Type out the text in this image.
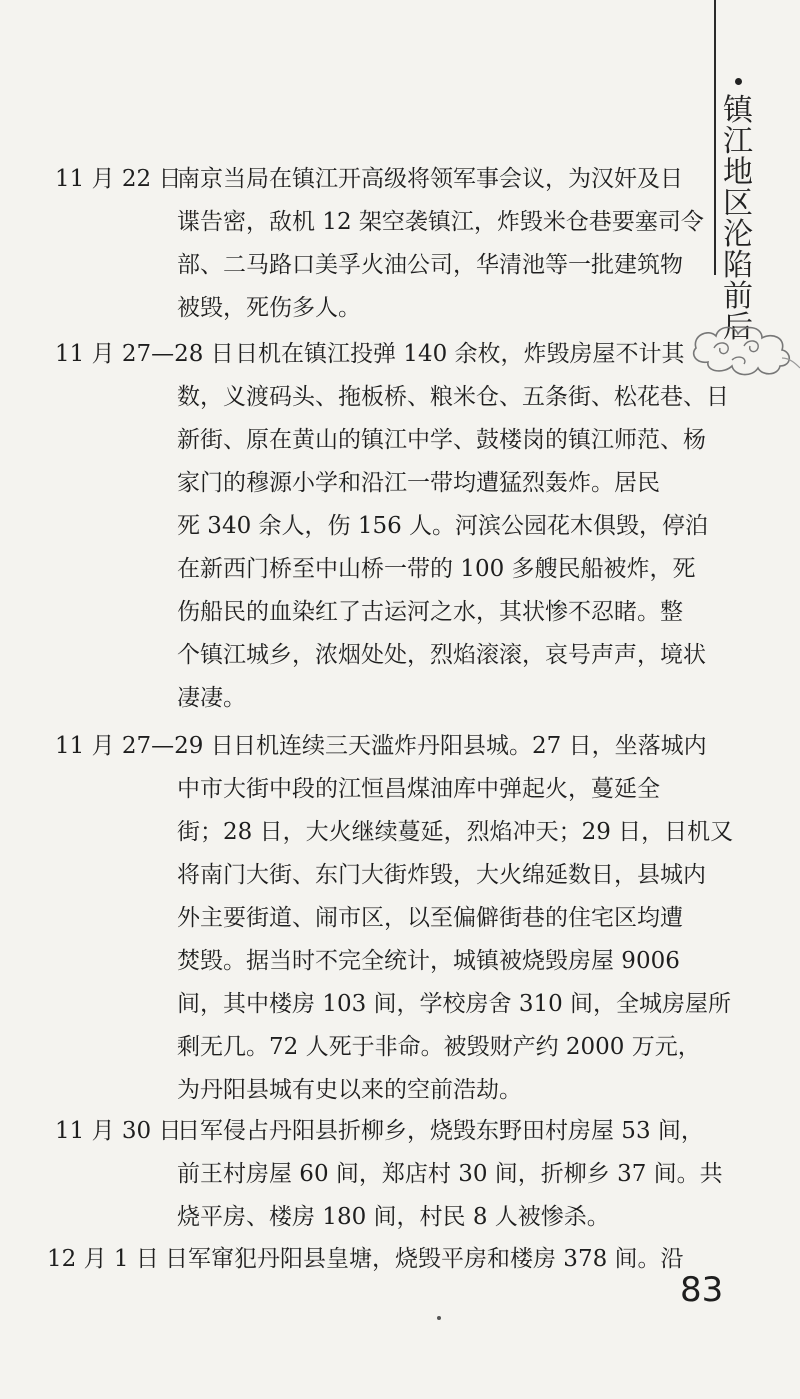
镇
江
地
区
沦
陷
前
后
11 月 22 日
南京当局在镇江开高级将领军事会议，为汉奸及日
谍告密，敌机 12 架空袭镇江，炸毁米仓巷要塞司令
部、二马路口美孚火油公司，华清池等一批建筑物
被毁，死伤多人。
11 月 27—28 日 日机在镇江投弹 140 余枚，炸毁房屋不计其
数，义渡码头、拖板桥、粮米仓、五条街、松花巷、日
新街、原在黄山的镇江中学、鼓楼岗的镇江师范、杨
家门的穆源小学和沿江一带均遭猛烈轰炸。居民
死 340 余人，伤 156 人。河滨公园花木俱毁，停泊
在新西门桥至中山桥一带的 100 多艘民船被炸，死
伤船民的血染红了古运河之水，其状惨不忍睹。整
个镇江城乡，浓烟处处，烈焰滚滚，哀号声声，境状
凄凄。
11 月 27—29 日 日机连续三天滥炸丹阳县城。27 日，坐落城内
中市大街中段的江恒昌煤油库中弹起火，蔓延全
街；28 日，大火继续蔓延，烈焰冲天；29 日，日机又
将南门大街、东门大街炸毁，大火绵延数日，县城内
外主要街道、闹市区，以至偏僻街巷的住宅区均遭
焚毁。据当时不完全统计，城镇被烧毁房屋 9006
间，其中楼房 103 间，学校房舍 310 间，全城房屋所
剩无几。72 人死于非命。被毁财产约 2000 万元，
为丹阳县城有史以来的空前浩劫。
11 月 30 日
日军侵占丹阳县折柳乡，烧毁东野田村房屋 53 间，
前王村房屋 60 间，郑店村 30 间，折柳乡 37 间。共
烧平房、楼房 180 间，村民 8 人被惨杀。
12 月 1 日 日军窜犯丹阳县皇塘，烧毁平房和楼房 378 间。沿
83
